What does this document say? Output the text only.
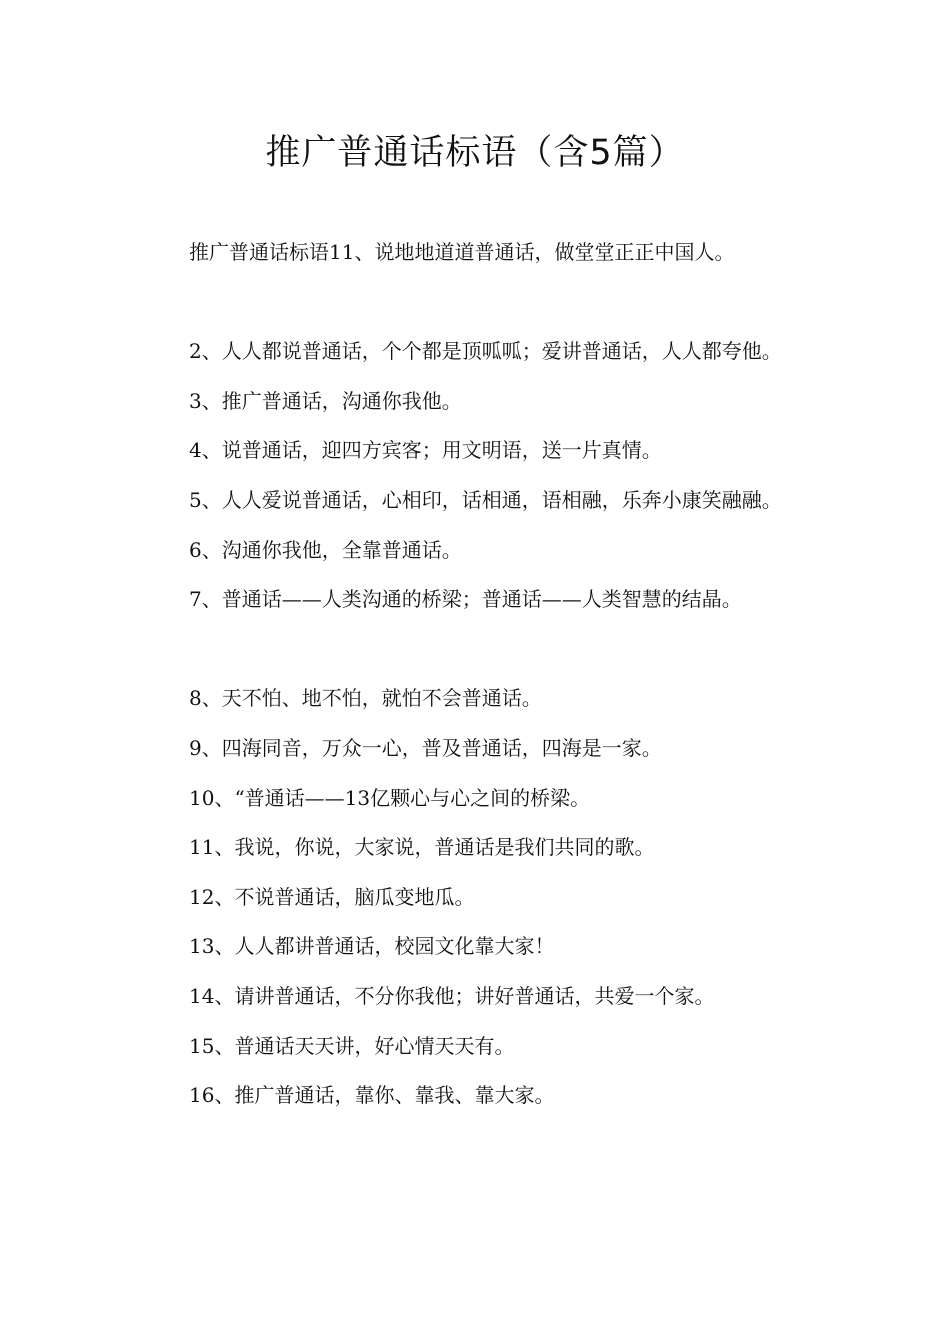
推广普通话标语（含5篇）

推广普通话标语11、说地地道道普通话，做堂堂正正中国人。

2、人人都说普通话，个个都是顶呱呱；爱讲普通话，人人都夸他。

3、推广普通话，沟通你我他。

4、说普通话，迎四方宾客；用文明语，送一片真情。

5、人人爱说普通话，心相印，话相通，语相融，乐奔小康笑融融。

6、沟通你我他，全靠普通话。

7、普通话——人类沟通的桥梁；普通话——人类智慧的结晶。

8、天不怕、地不怕，就怕不会普通话。

9、四海同音，万众一心，普及普通话，四海是一家。

10、“普通话——13亿颗心与心之间的桥梁。

11、我说，你说，大家说，普通话是我们共同的歌。

12、不说普通话，脑瓜变地瓜。

13、人人都讲普通话，校园文化靠大家！

14、请讲普通话，不分你我他；讲好普通话，共爱一个家。

15、普通话天天讲，好心情天天有。

16、推广普通话，靠你、靠我、靠大家。
